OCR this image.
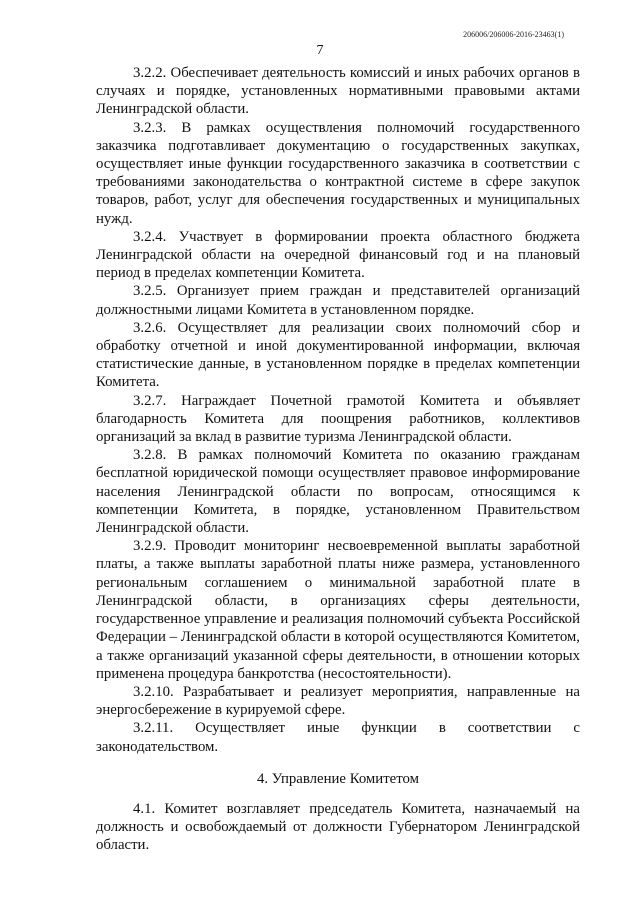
206006/206006-2016-23463(1)
7

3.2.2. Обеспечивает деятельность комиссий и иных рабочих органов в случаях и порядке, установленных нормативными правовыми актами Ленинградской области.

3.2.3. В рамках осуществления полномочий государственного заказчика подготавливает документацию о государственных закупках, осуществляет иные функции государственного заказчика в соответствии с требованиями законодательства о контрактной системе в сфере закупок товаров, работ, услуг для обеспечения государственных и муниципальных нужд.

3.2.4. Участвует в формировании проекта областного бюджета Ленинградской области на очередной финансовый год и на плановый период в пределах компетенции Комитета.

3.2.5. Организует прием граждан и представителей организаций должностными лицами Комитета в установленном порядке.

3.2.6. Осуществляет для реализации своих полномочий сбор и обработку отчетной и иной документированной информации, включая статистические данные, в установленном порядке в пределах компетенции Комитета.

3.2.7. Награждает Почетной грамотой Комитета и объявляет благодарность Комитета для поощрения работников, коллективов организаций за вклад в развитие туризма Ленинградской области.

3.2.8. В рамках полномочий Комитета по оказанию гражданам бесплатной юридической помощи осуществляет правовое информирование населения Ленинградской области по вопросам, относящимся к компетенции Комитета, в порядке, установленном Правительством Ленинградской области.

3.2.9. Проводит мониторинг несвоевременной выплаты заработной платы, а также выплаты заработной платы ниже размера, установленного региональным соглашением о минимальной заработной плате в Ленинградской области, в организациях сферы деятельности, государственное управление и реализация полномочий субъекта Российской Федерации – Ленинградской области в которой осуществляются Комитетом, а также организаций указанной сферы деятельности, в отношении которых применена процедура банкротства (несостоятельности).

3.2.10. Разрабатывает и реализует мероприятия, направленные на энергосбережение в курируемой сфере.

3.2.11. Осуществляет иные функции в соответствии с законодательством.

4. Управление Комитетом

4.1. Комитет возглавляет председатель Комитета, назначаемый на должность и освобождаемый от должности Губернатором Ленинградской области.
